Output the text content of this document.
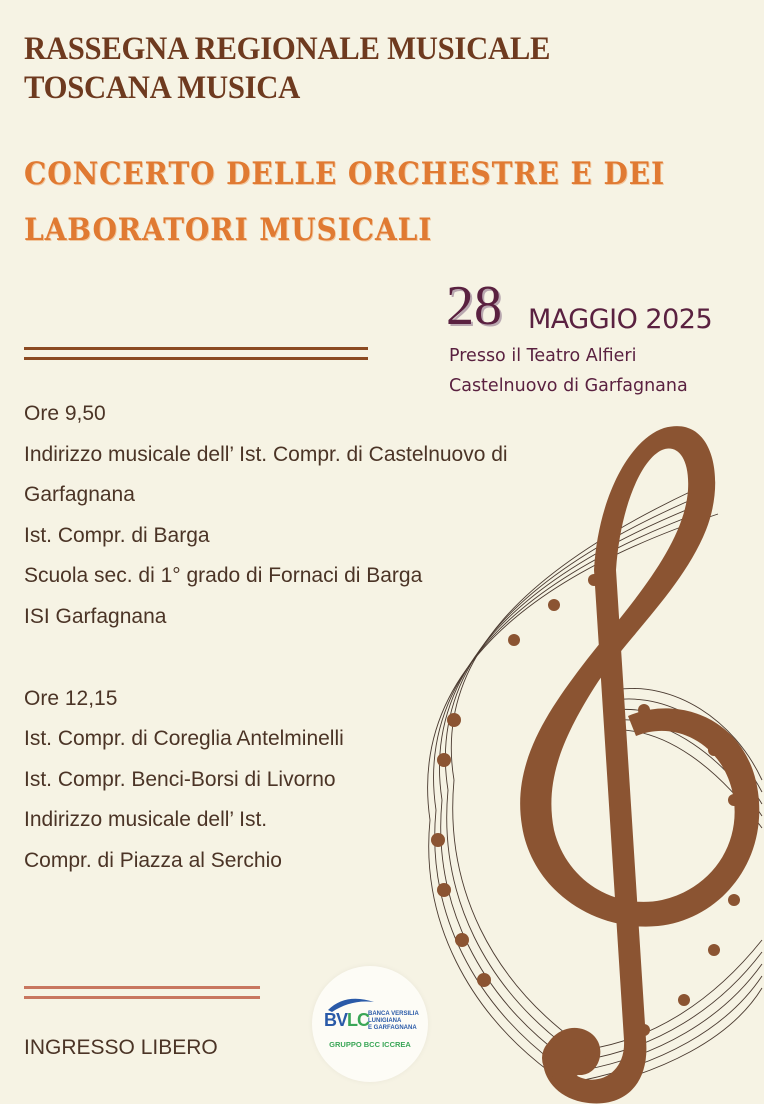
RASSEGNA REGIONALE MUSICALE
TOSCANA MUSICA
CONCERTO DELLE ORCHESTRE E DEI
LABORATORI MUSICALI
28 MAGGIO 2025
Presso il Teatro Alfieri
Castelnuovo di Garfagnana
Ore 9,50
Indirizzo musicale dell’ Ist. Compr. di Castelnuovo di
Garfagnana
Ist. Compr. di Barga
Scuola sec. di 1° grado di Fornaci di Barga
ISI Garfagnana
Ore 12,15
Ist. Compr. di Coreglia Antelminelli
Ist. Compr. Benci-Borsi di Livorno
Indirizzo musicale dell’ Ist.
Compr. di Piazza al Serchio
INGRESSO LIBERO
BVLC
BANCA VERSILIA
LUNIGIANA
E GARFAGNANA
GRUPPO BCC ICCREA
